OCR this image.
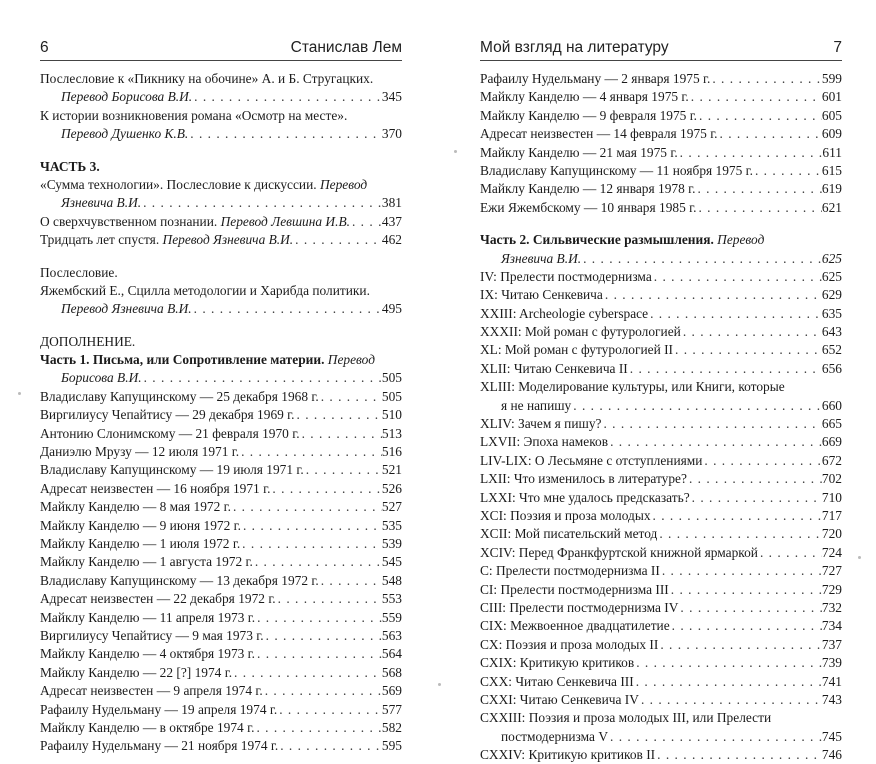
6	Станислав Лем
Послесловие к «Пикнику на обочине» А. и Б. Стругацких.
Перевод Борисова В.И. . . .	345
К истории возникновения романа «Осмотр на месте».
Перевод Душенко К.В. . . .	370
ЧАСТЬ 3.
«Сумма технологии». Послесловие к дискуссии. Перевод
Язневича В.И. . . .	381
О сверхчувственном познании. Перевод Левшина И.В. . . . 437
Тридцать лет спустя. Перевод Язневича В.И. . . .	462
Послесловие.
Яжембский Е., Сцилла методологии и Харибда политики.
Перевод Язневича В.И. . . .	495
ДОПОЛНЕНИЕ.
Часть 1. Письма, или Сопротивление материи. Перевод
Борисова В.И. . . .	505
Владиславу Капущинскому — 25 декабря 1968 г. . . .	505
Виргилиусу Чепайтису — 29 декабря 1969 г. . . .	510
Антонию Слонимскому — 21 февраля 1970 г. . . .	513
Даниэлю Мрузу — 12 июля 1971 г. . . .	516
Владиславу Капущинскому — 19 июля 1971 г. . . .	521
Адресат неизвестен — 16 ноября 1971 г. . . .	526
Майклу Канделю — 8 мая 1972 г. . . .	527
Майклу Канделю — 9 июня 1972 г. . . .	535
Майклу Канделю — 1 июля 1972 г. . . .	539
Майклу Канделю — 1 августа 1972 г. . . .	545
Владиславу Капущинскому — 13 декабря 1972 г. . . .	548
Адресат неизвестен — 22 декабря 1972 г. . . .	553
Майклу Канделю — 11 апреля 1973 г. . . .	559
Виргилиусу Чепайтису — 9 мая 1973 г. . . .	563
Майклу Канделю — 4 октября 1973 г. . . .	564
Майклу Канделю — 22 [?] 1974 г. . . .	568
Адресат неизвестен — 9 апреля 1974 г. . . .	569
Рафаилу Нудельману — 19 апреля 1974 г. . . .	577
Майклу Канделю — в октябре 1974 г. . . .	582
Рафаилу Нудельману — 21 ноября 1974 г. . . .	595
Мой взгляд на литературу	7
Рафаилу Нудельману — 2 января 1975 г. . . .	599
Майклу Канделю — 4 января 1975 г. . . .	601
Майклу Канделю — 9 февраля 1975 г. . . .	605
Адресат неизвестен — 14 февраля 1975 г. . . .	609
Майклу Канделю — 21 мая 1975 г. . . .	611
Владиславу Капущинскому — 11 ноября 1975 г. . . .	615
Майклу Канделю — 12 января 1978 г. . . .	619
Ежи Яжембскому — 10 января 1985 г. . . .	621
Часть 2. Сильвические размышления. Перевод
Язневича В.И. . . .	625
IV: Прелести постмодернизма . . .	625
IX: Читаю Сенкевича . . .	629
XXIII: Archeologie cyberspace . . .	635
XXXII: Мой роман с футурологией . . .	643
XL: Мой роман с футурологией II . . .	652
XLII: Читаю Сенкевича II . . .	656
XLIII: Моделирование культуры, или Книги, которые
я не напишу . . .	660
XLIV: Зачем я пишу? . . .	665
LXVII: Эпоха намеков . . .	669
LIV-LIX: О Лесьмяне с отступлениями . . .	672
LXII: Что изменилось в литературе? . . .	702
LXXI: Что мне удалось предсказать? . . .	710
XCI: Поэзия и проза молодых . . .	717
XCII: Мой писательский метод . . .	720
XCIV: Перед Франкфуртской книжной ярмаркой . . .	724
C: Прелести постмодернизма II . . .	727
CI: Прелести постмодернизма III . . .	729
CIII: Прелести постмодернизма IV . . .	732
CIX: Межвоенное двадцатилетие . . .	734
CX: Поэзия и проза молодых II . . .	737
CXIX: Критикую критиков . . .	739
CXX: Читаю Сенкевича III . . .	741
CXXI: Читаю Сенкевича IV . . .	743
CXXIII: Поэзия и проза молодых III, или Прелести
постмодернизма V . . .	745
CXXIV: Критикую критиков II . . .	746
